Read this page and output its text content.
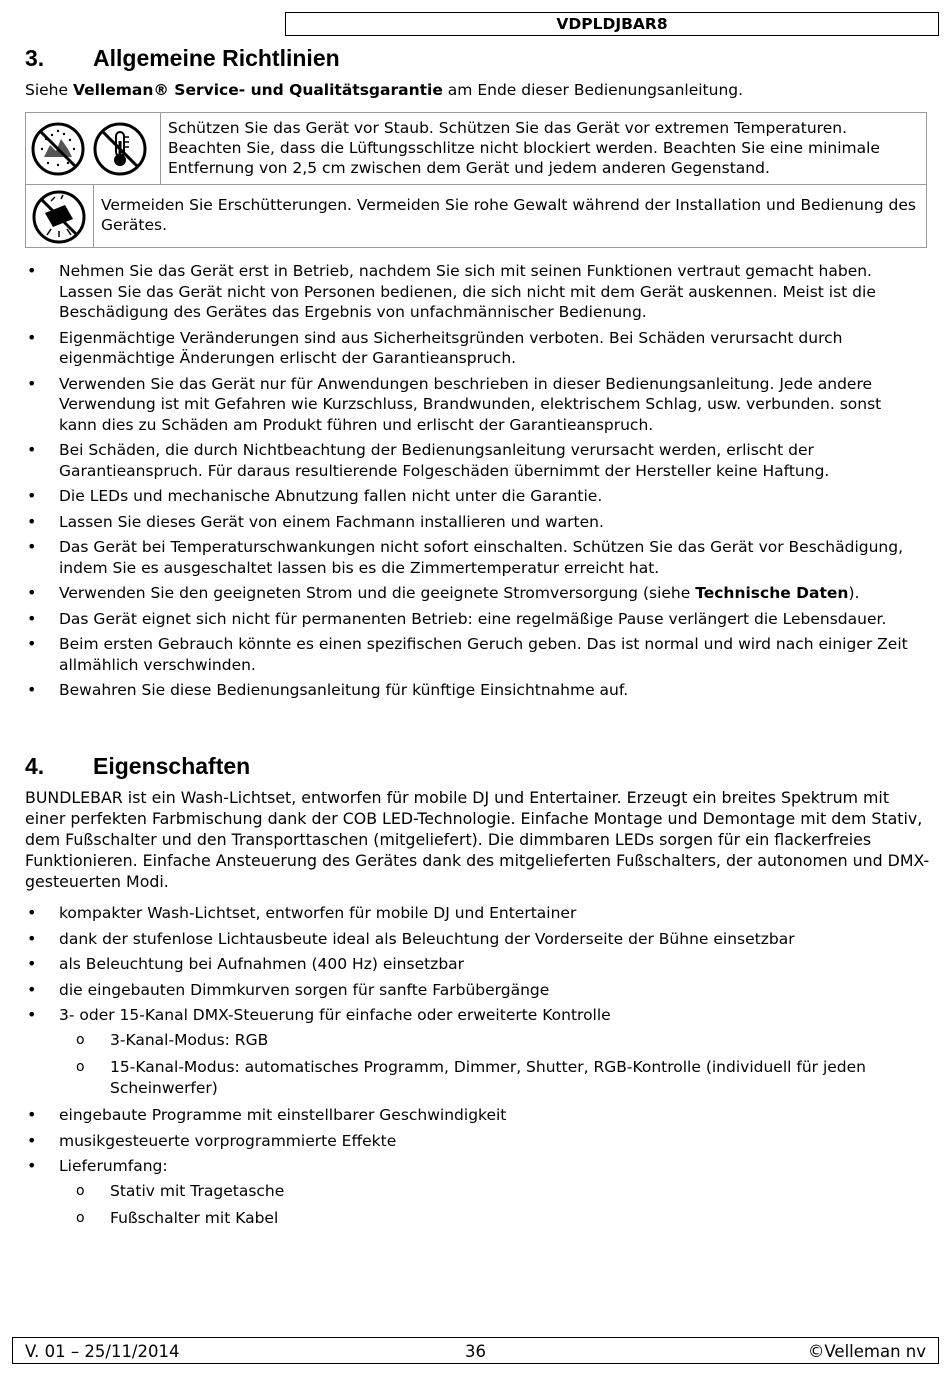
VDPLDJBAR8
3. Allgemeine Richtlinien
Siehe Velleman® Service- und Qualitätsgarantie am Ende dieser Bedienungsanleitung.
Schützen Sie das Gerät vor Staub. Schützen Sie das Gerät vor extremen Temperaturen. Beachten Sie, dass die Lüftungsschlitze nicht blockiert werden. Beachten Sie eine minimale Entfernung von 2,5 cm zwischen dem Gerät und jedem anderen Gegenstand.
Vermeiden Sie Erschütterungen. Vermeiden Sie rohe Gewalt während der Installation und Bedienung des Gerätes.
• Nehmen Sie das Gerät erst in Betrieb, nachdem Sie sich mit seinen Funktionen vertraut gemacht haben. Lassen Sie das Gerät nicht von Personen bedienen, die sich nicht mit dem Gerät auskennen. Meist ist die Beschädigung des Gerätes das Ergebnis von unfachmännischer Bedienung.
• Eigenmächtige Veränderungen sind aus Sicherheitsgründen verboten. Bei Schäden verursacht durch eigenmächtige Änderungen erlischt der Garantieanspruch.
• Verwenden Sie das Gerät nur für Anwendungen beschrieben in dieser Bedienungsanleitung. Jede andere Verwendung ist mit Gefahren wie Kurzschluss, Brandwunden, elektrischem Schlag, usw. verbunden. sonst kann dies zu Schäden am Produkt führen und erlischt der Garantieanspruch.
• Bei Schäden, die durch Nichtbeachtung der Bedienungsanleitung verursacht werden, erlischt der Garantieanspruch. Für daraus resultierende Folgeschäden übernimmt der Hersteller keine Haftung.
• Die LEDs und mechanische Abnutzung fallen nicht unter die Garantie.
• Lassen Sie dieses Gerät von einem Fachmann installieren und warten.
• Das Gerät bei Temperaturschwankungen nicht sofort einschalten. Schützen Sie das Gerät vor Beschädigung, indem Sie es ausgeschaltet lassen bis es die Zimmertemperatur erreicht hat.
• Verwenden Sie den geeigneten Strom und die geeignete Stromversorgung (siehe Technische Daten).
• Das Gerät eignet sich nicht für permanenten Betrieb: eine regelmäßige Pause verlängert die Lebensdauer.
• Beim ersten Gebrauch könnte es einen spezifischen Geruch geben. Das ist normal und wird nach einiger Zeit allmählich verschwinden.
• Bewahren Sie diese Bedienungsanleitung für künftige Einsichtnahme auf.
4. Eigenschaften
BUNDLEBAR ist ein Wash-Lichtset, entworfen für mobile DJ und Entertainer. Erzeugt ein breites Spektrum mit einer perfekten Farbmischung dank der COB LED-Technologie. Einfache Montage und Demontage mit dem Stativ, dem Fußschalter und den Transporttaschen (mitgeliefert). Die dimmbaren LEDs sorgen für ein flackerfreies Funktionieren. Einfache Ansteuerung des Gerätes dank des mitgelieferten Fußschalters, der autonomen und DMX-gesteuerten Modi.
• kompakter Wash-Lichtset, entworfen für mobile DJ und Entertainer
• dank der stufenlose Lichtausbeute ideal als Beleuchtung der Vorderseite der Bühne einsetzbar
• als Beleuchtung bei Aufnahmen (400 Hz) einsetzbar
• die eingebauten Dimmkurven sorgen für sanfte Farbübergänge
• 3- oder 15-Kanal DMX-Steuerung für einfache oder erweiterte Kontrolle
o 3-Kanal-Modus: RGB
o 15-Kanal-Modus: automatisches Programm, Dimmer, Shutter, RGB-Kontrolle (individuell für jeden Scheinwerfer)
• eingebaute Programme mit einstellbarer Geschwindigkeit
• musikgesteuerte vorprogrammierte Effekte
• Lieferumfang:
o Stativ mit Tragetasche
o Fußschalter mit Kabel
V. 01 – 25/11/2014	36	©Velleman nv
